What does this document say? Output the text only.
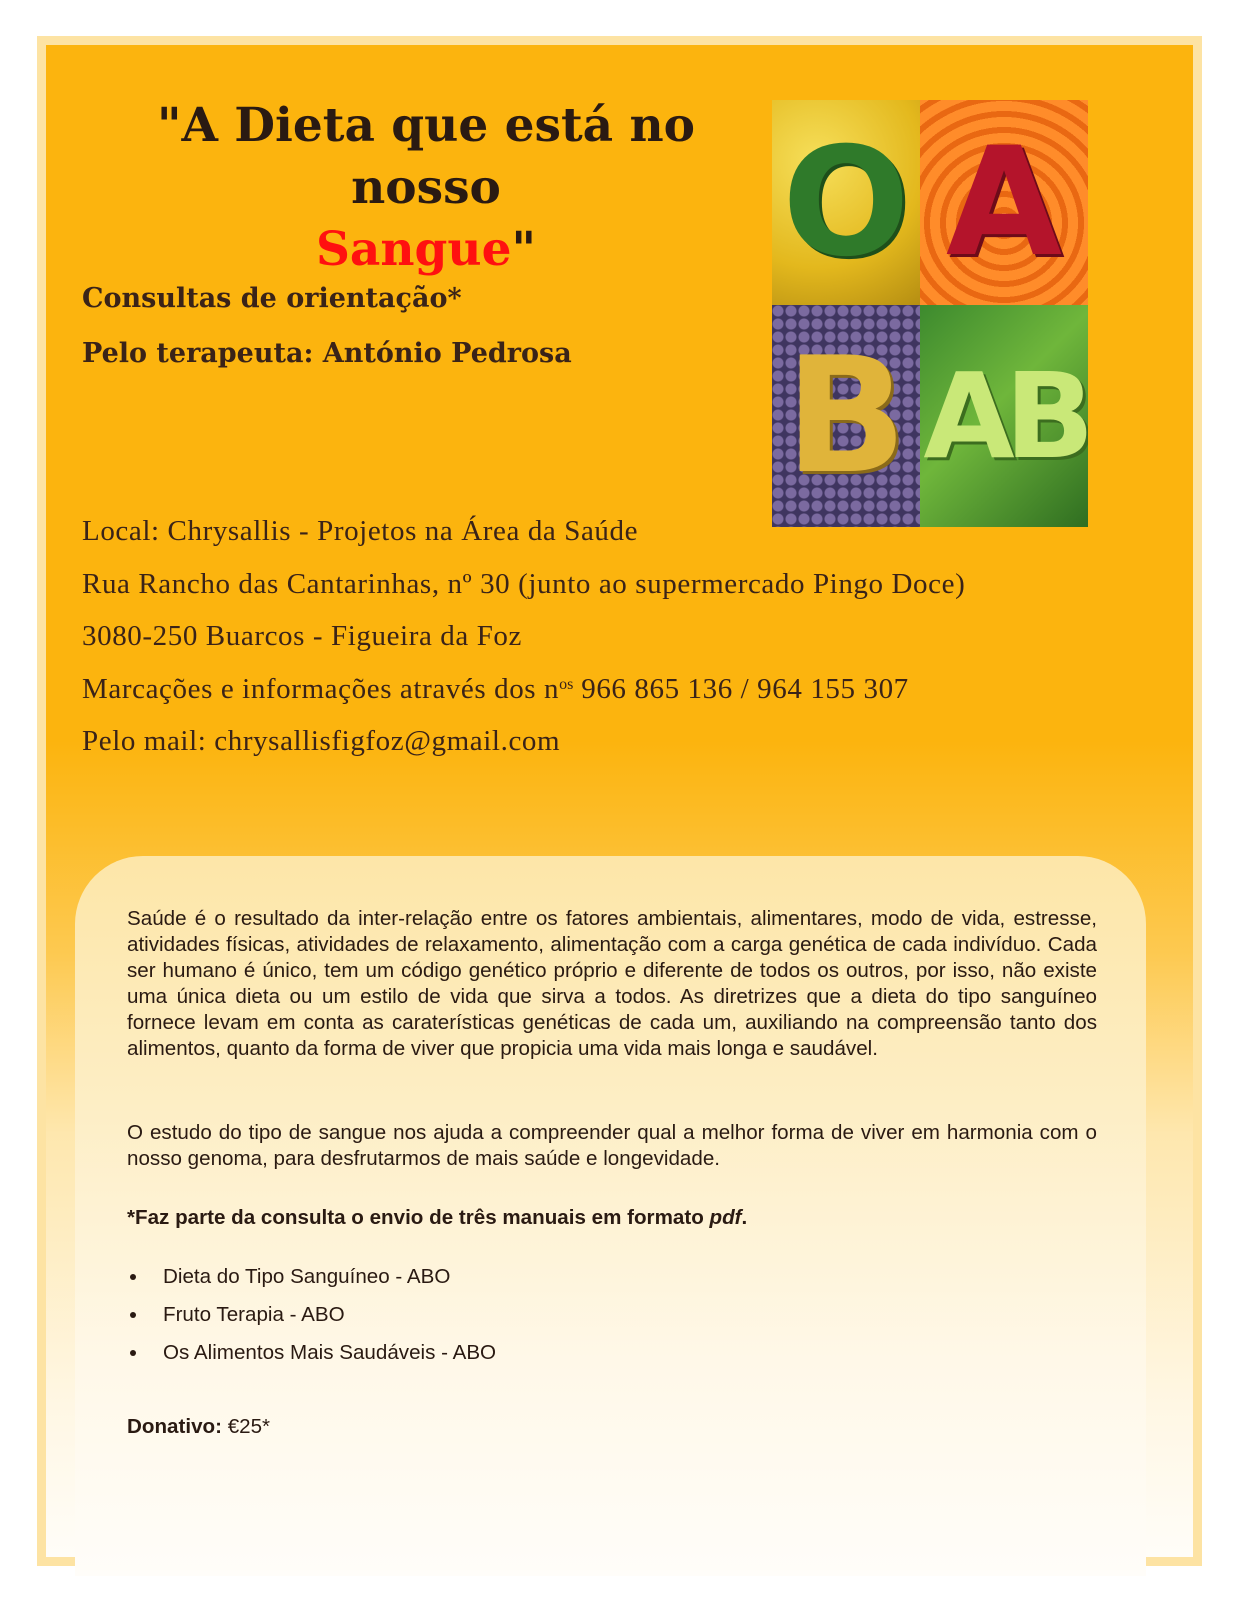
"A Dieta que está no nosso
Sangue"

Consultas de orientação*

Pelo terapeuta: António Pedrosa

O A
B AB
Local: Chrysallis - Projetos na Área da Saúde
Rua Rancho das Cantarinhas, nº 30 (junto ao supermercado Pingo Doce)
3080-250 Buarcos - Figueira da Foz
Marcações e informações através dos $n^{os}$ 966 865 136 / 964 155 307
Pelo mail: chrysallisfigfoz@gmail.com

Saúde é o resultado da inter-relação entre os fatores ambientais, alimentares, modo de vida, estresse, atividades físicas, atividades de relaxamento, alimentação com a carga genética de cada indivíduo. Cada ser humano é único, tem um código genético próprio e diferente de todos os outros, por isso, não existe uma única dieta ou um estilo de vida que sirva a todos. As diretrizes que a dieta do tipo sanguíneo fornece levam em conta as caraterísticas genéticas de cada um, auxiliando na compreensão tanto dos alimentos, quanto da forma de viver que propicia uma vida mais longa e saudável.

O estudo do tipo de sangue nos ajuda a compreender qual a melhor forma de viver em harmonia com o nosso genoma, para desfrutarmos de mais saúde e longevidade.

*Faz parte da consulta o envio de três manuais em formato pdf.

Dieta do Tipo Sanguíneo - ABO
Fruto Terapia - ABO
Os Alimentos Mais Saudáveis - ABO

Donativo: €25*
